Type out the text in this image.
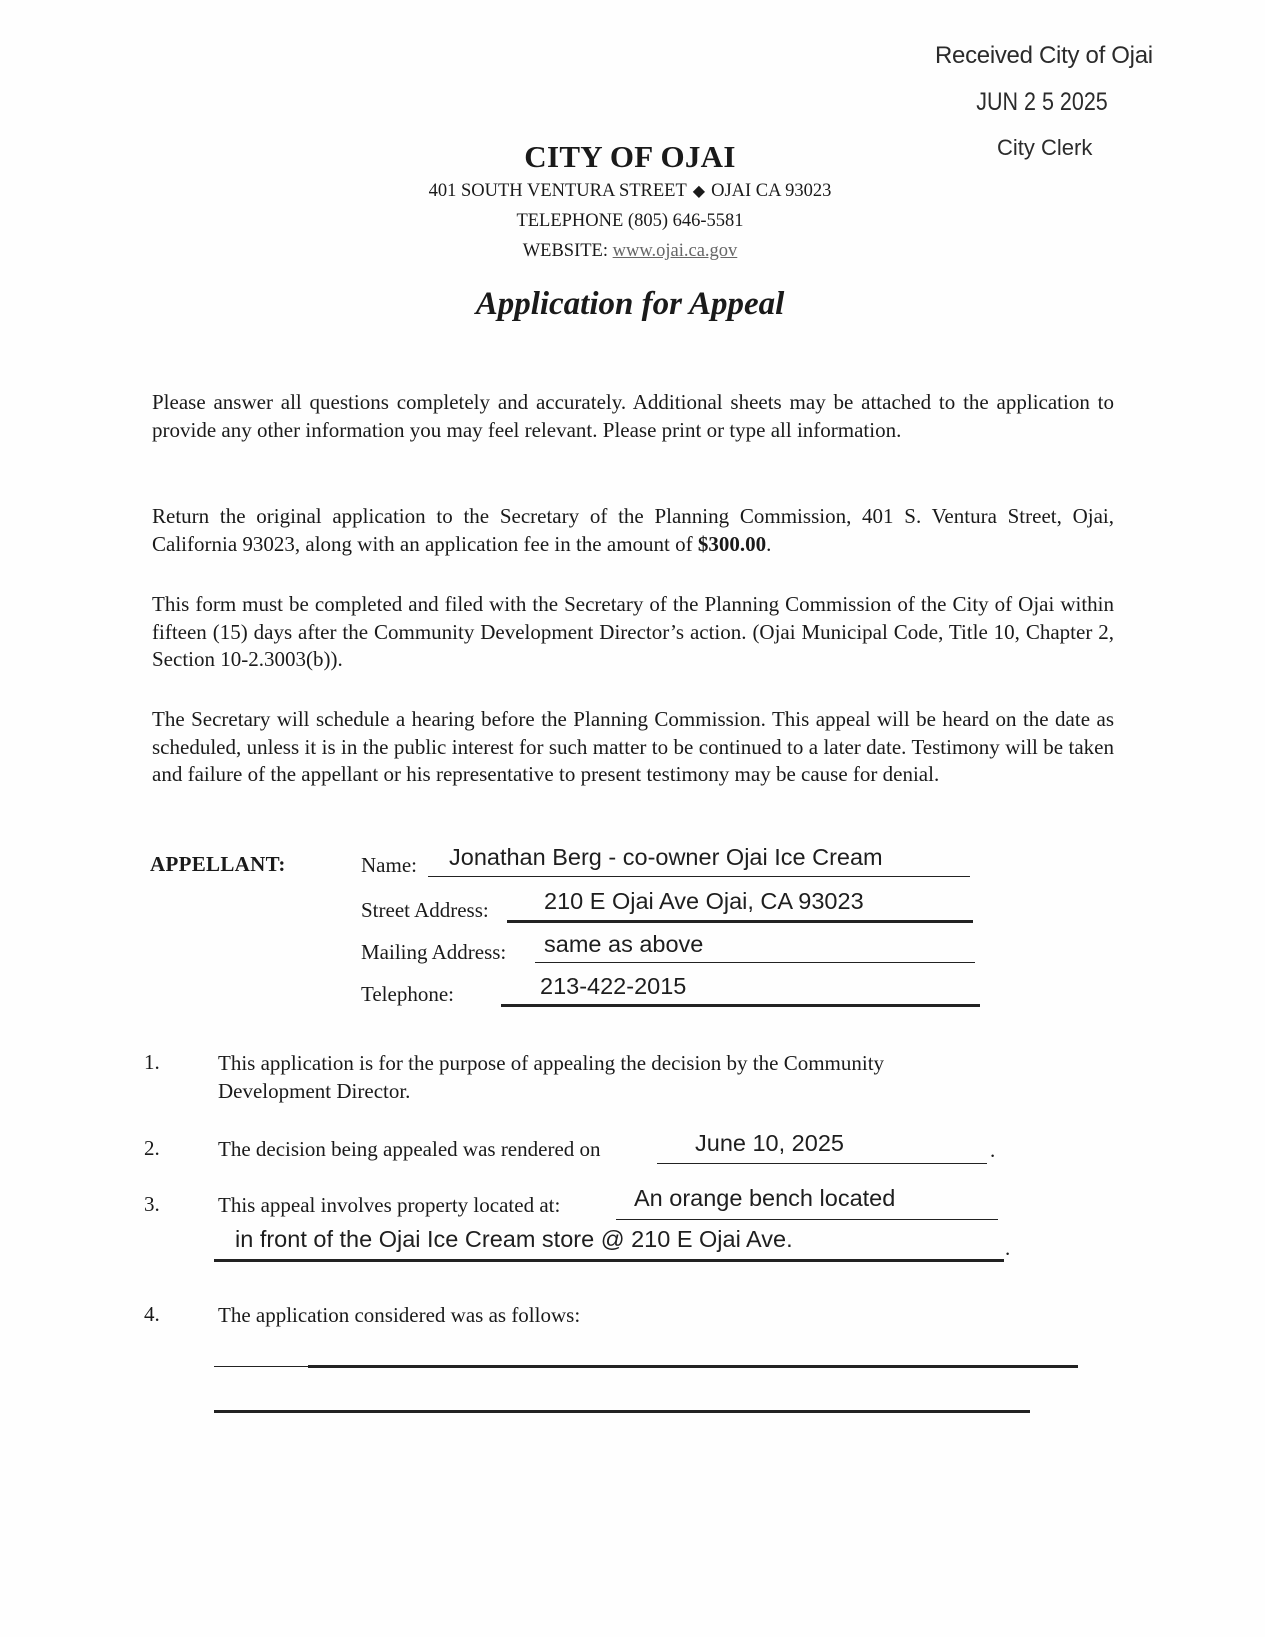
Received City of Ojai
JUN 2 5 2025
City Clerk
CITY OF OJAI
401 SOUTH VENTURA STREET ◆ OJAI CA 93023
TELEPHONE (805) 646-5581
WEBSITE: www.ojai.ca.gov
Application for Appeal
Please answer all questions completely and accurately. Additional sheets may be attached to the application to provide any other information you may feel relevant. Please print or type all information.
Return the original application to the Secretary of the Planning Commission, 401 S. Ventura Street, Ojai, California 93023, along with an application fee in the amount of $300.00.
This form must be completed and filed with the Secretary of the Planning Commission of the City of Ojai within fifteen (15) days after the Community Development Director’s action. (Ojai Municipal Code, Title 10, Chapter 2, Section 10-2.3003(b)).
The Secretary will schedule a hearing before the Planning Commission. This appeal will be heard on the date as scheduled, unless it is in the public interest for such matter to be continued to a later date. Testimony will be taken and failure of the appellant or his representative to present testimony may be cause for denial.
APPELLANT:	Name: Jonathan Berg - co-owner Ojai Ice Cream
Street Address: 210 E Ojai Ave Ojai, CA 93023
Mailing Address: same as above
Telephone:	213-422-2015
1.	This application is for the purpose of appealing the decision by the Community Development Director.
2.	The decision being appealed was rendered on	June 10, 2025	.
3.	This appeal involves property located at:	An orange bench located
in front of the Ojai Ice Cream store @ 210 E Ojai Ave.	.
4.	The application considered was as follows:
